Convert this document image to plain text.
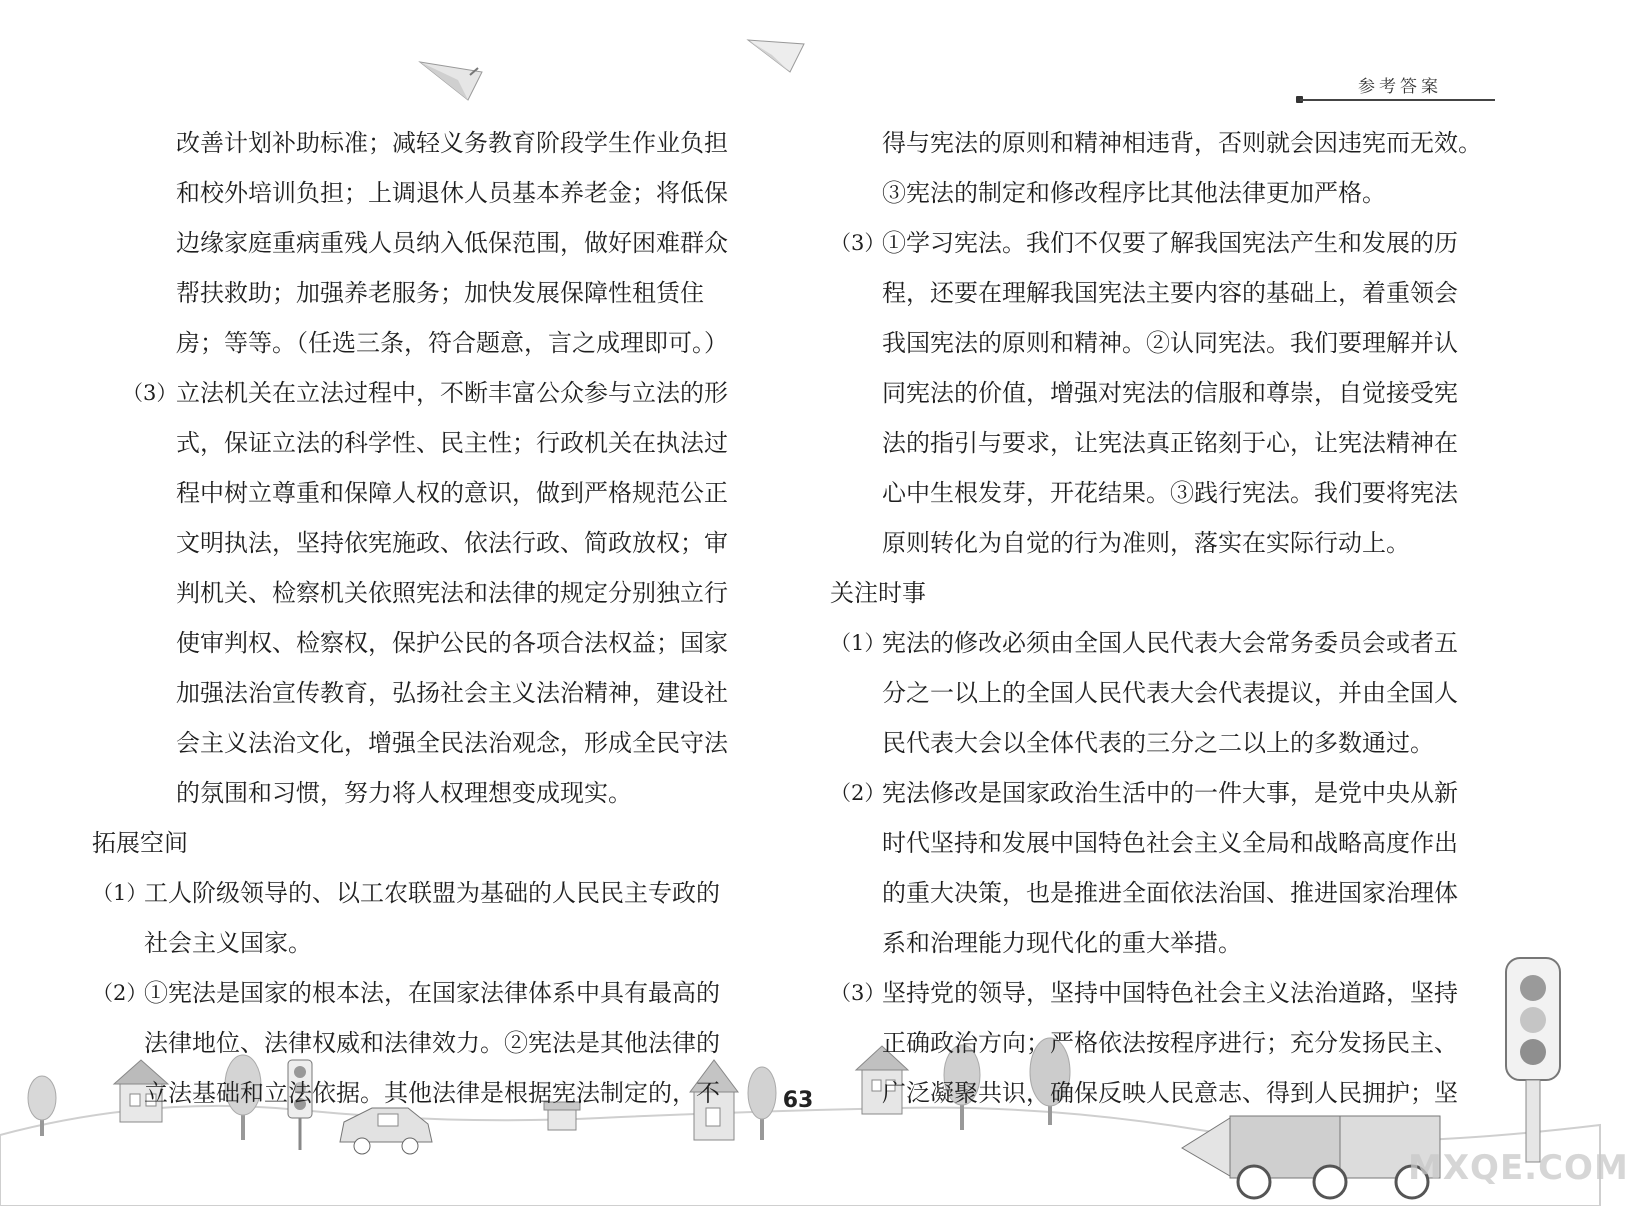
参考答案
改善计划补助标准；减轻义务教育阶段学生作业负担
和校外培训负担；上调退休人员基本养老金；将低保
边缘家庭重病重残人员纳入低保范围，做好困难群众
帮扶救助；加强养老服务；加快发展保障性租赁住
房；等等。（任选三条，符合题意，言之成理即可。）
（3）
立法机关在立法过程中，不断丰富公众参与立法的形
式，保证立法的科学性、民主性；行政机关在执法过
程中树立尊重和保障人权的意识，做到严格规范公正
文明执法，坚持依宪施政、依法行政、简政放权；审
判机关、检察机关依照宪法和法律的规定分别独立行
使审判权、检察权，保护公民的各项合法权益；国家
加强法治宣传教育，弘扬社会主义法治精神，建设社
会主义法治文化，增强全民法治观念，形成全民守法
的氛围和习惯，努力将人权理想变成现实。
拓展空间
（1）
工人阶级领导的、以工农联盟为基础的人民民主专政的
社会主义国家。
（2）
①宪法是国家的根本法，在国家法律体系中具有最高的
法律地位、法律权威和法律效力。②宪法是其他法律的
立法基础和立法依据。其他法律是根据宪法制定的，不
得与宪法的原则和精神相违背，否则就会因违宪而无效。
③宪法的制定和修改程序比其他法律更加严格。
（3）
①学习宪法。我们不仅要了解我国宪法产生和发展的历
程，还要在理解我国宪法主要内容的基础上，着重领会
我国宪法的原则和精神。②认同宪法。我们要理解并认
同宪法的价值，增强对宪法的信服和尊崇，自觉接受宪
法的指引与要求，让宪法真正铭刻于心，让宪法精神在
心中生根发芽，开花结果。③践行宪法。我们要将宪法
原则转化为自觉的行为准则，落实在实际行动上。
关注时事
（1）
宪法的修改必须由全国人民代表大会常务委员会或者五
分之一以上的全国人民代表大会代表提议，并由全国人
民代表大会以全体代表的三分之二以上的多数通过。
（2）
宪法修改是国家政治生活中的一件大事，是党中央从新
时代坚持和发展中国特色社会主义全局和战略高度作出
的重大决策，也是推进全面依法治国、推进国家治理体
系和治理能力现代化的重大举措。
（3）
坚持党的领导，坚持中国特色社会主义法治道路，坚持
正确政治方向；严格依法按程序进行；充分发扬民主、
广泛凝聚共识，确保反映人民意志、得到人民拥护；坚
63
MXQE.COM
